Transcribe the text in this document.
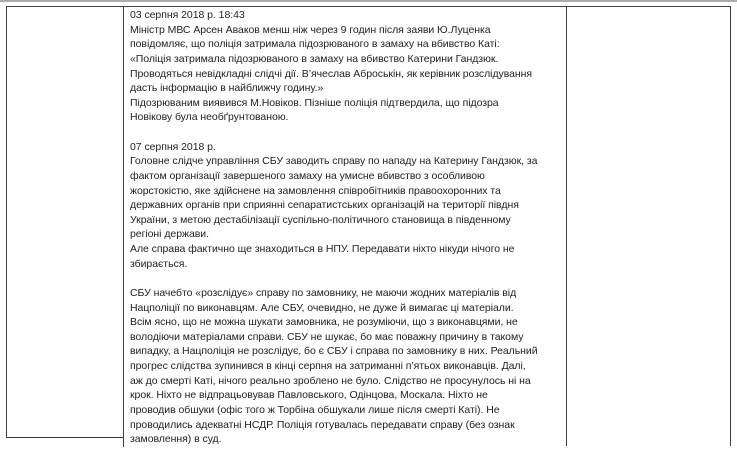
03 серпня 2018 р. 18:43
Міністр МВС Арсен Аваков менш ніж через 9 годин після заяви Ю.Луценка
повідомляє, що поліція затримала підозрюваного в замаху на вбивство Каті:
«Поліція затримала підозрюваного в замаху на вбивство Катерини Гандзюк.
Проводяться невідкладні слідчі дії. В’ячеслав Аброськін, як керівник розслідування
дасть інформацію в найближчу годину.»
Підозрюваним виявився М.Новіков. Пізніше поліція підтвердила, що підозра
Новікову була необґрунтованою.
07 серпня 2018 р.
Головне слідче управління СБУ заводить справу по нападу на Катерину Гандзюк, за
фактом організації завершеного замаху на умисне вбивство з особливою
жорстокістю, яке здійснене на замовлення співробітників правоохоронних та
державних органів при сприянні сепаратистських організацій на території півдня
України, з метою дестабілізації суспільно-політичного становища в південному
регіоні держави.
Але справа фактично ще знаходиться в НПУ. Передавати ніхто нікуди нічого не
збирається.
СБУ начебто «розслідує» справу по замовнику, не маючи жодних матеріалів від
Нацполіції по виконавцям. Але СБУ, очевидно, не дуже й вимагає ці матеріали.
Всім ясно, що не можна шукати замовника, не розуміючи, що з виконавцями, не
володіючи матеріалами справи. СБУ не шукає, бо має поважну причину в такому
випадку, а Нацполіція не розслідує, бо є СБУ і справа по замовнику в них. Реальний
прогрес слідства зупинився в кінці серпня на затриманні п’ятьох виконавців. Далі,
аж до смерті Каті, нічого реально зроблено не було. Слідство не просунулось ні на
крок. Ніхто не відпрацьовував Павловського, Одінцова, Москала. Ніхто не
проводив обшуки (офіс того ж Торбіна обшукали лише після смерті Каті). Не
проводились адекватні НСДР. Поліція готувалась передавати справу (без ознак
замовлення) в суд.
